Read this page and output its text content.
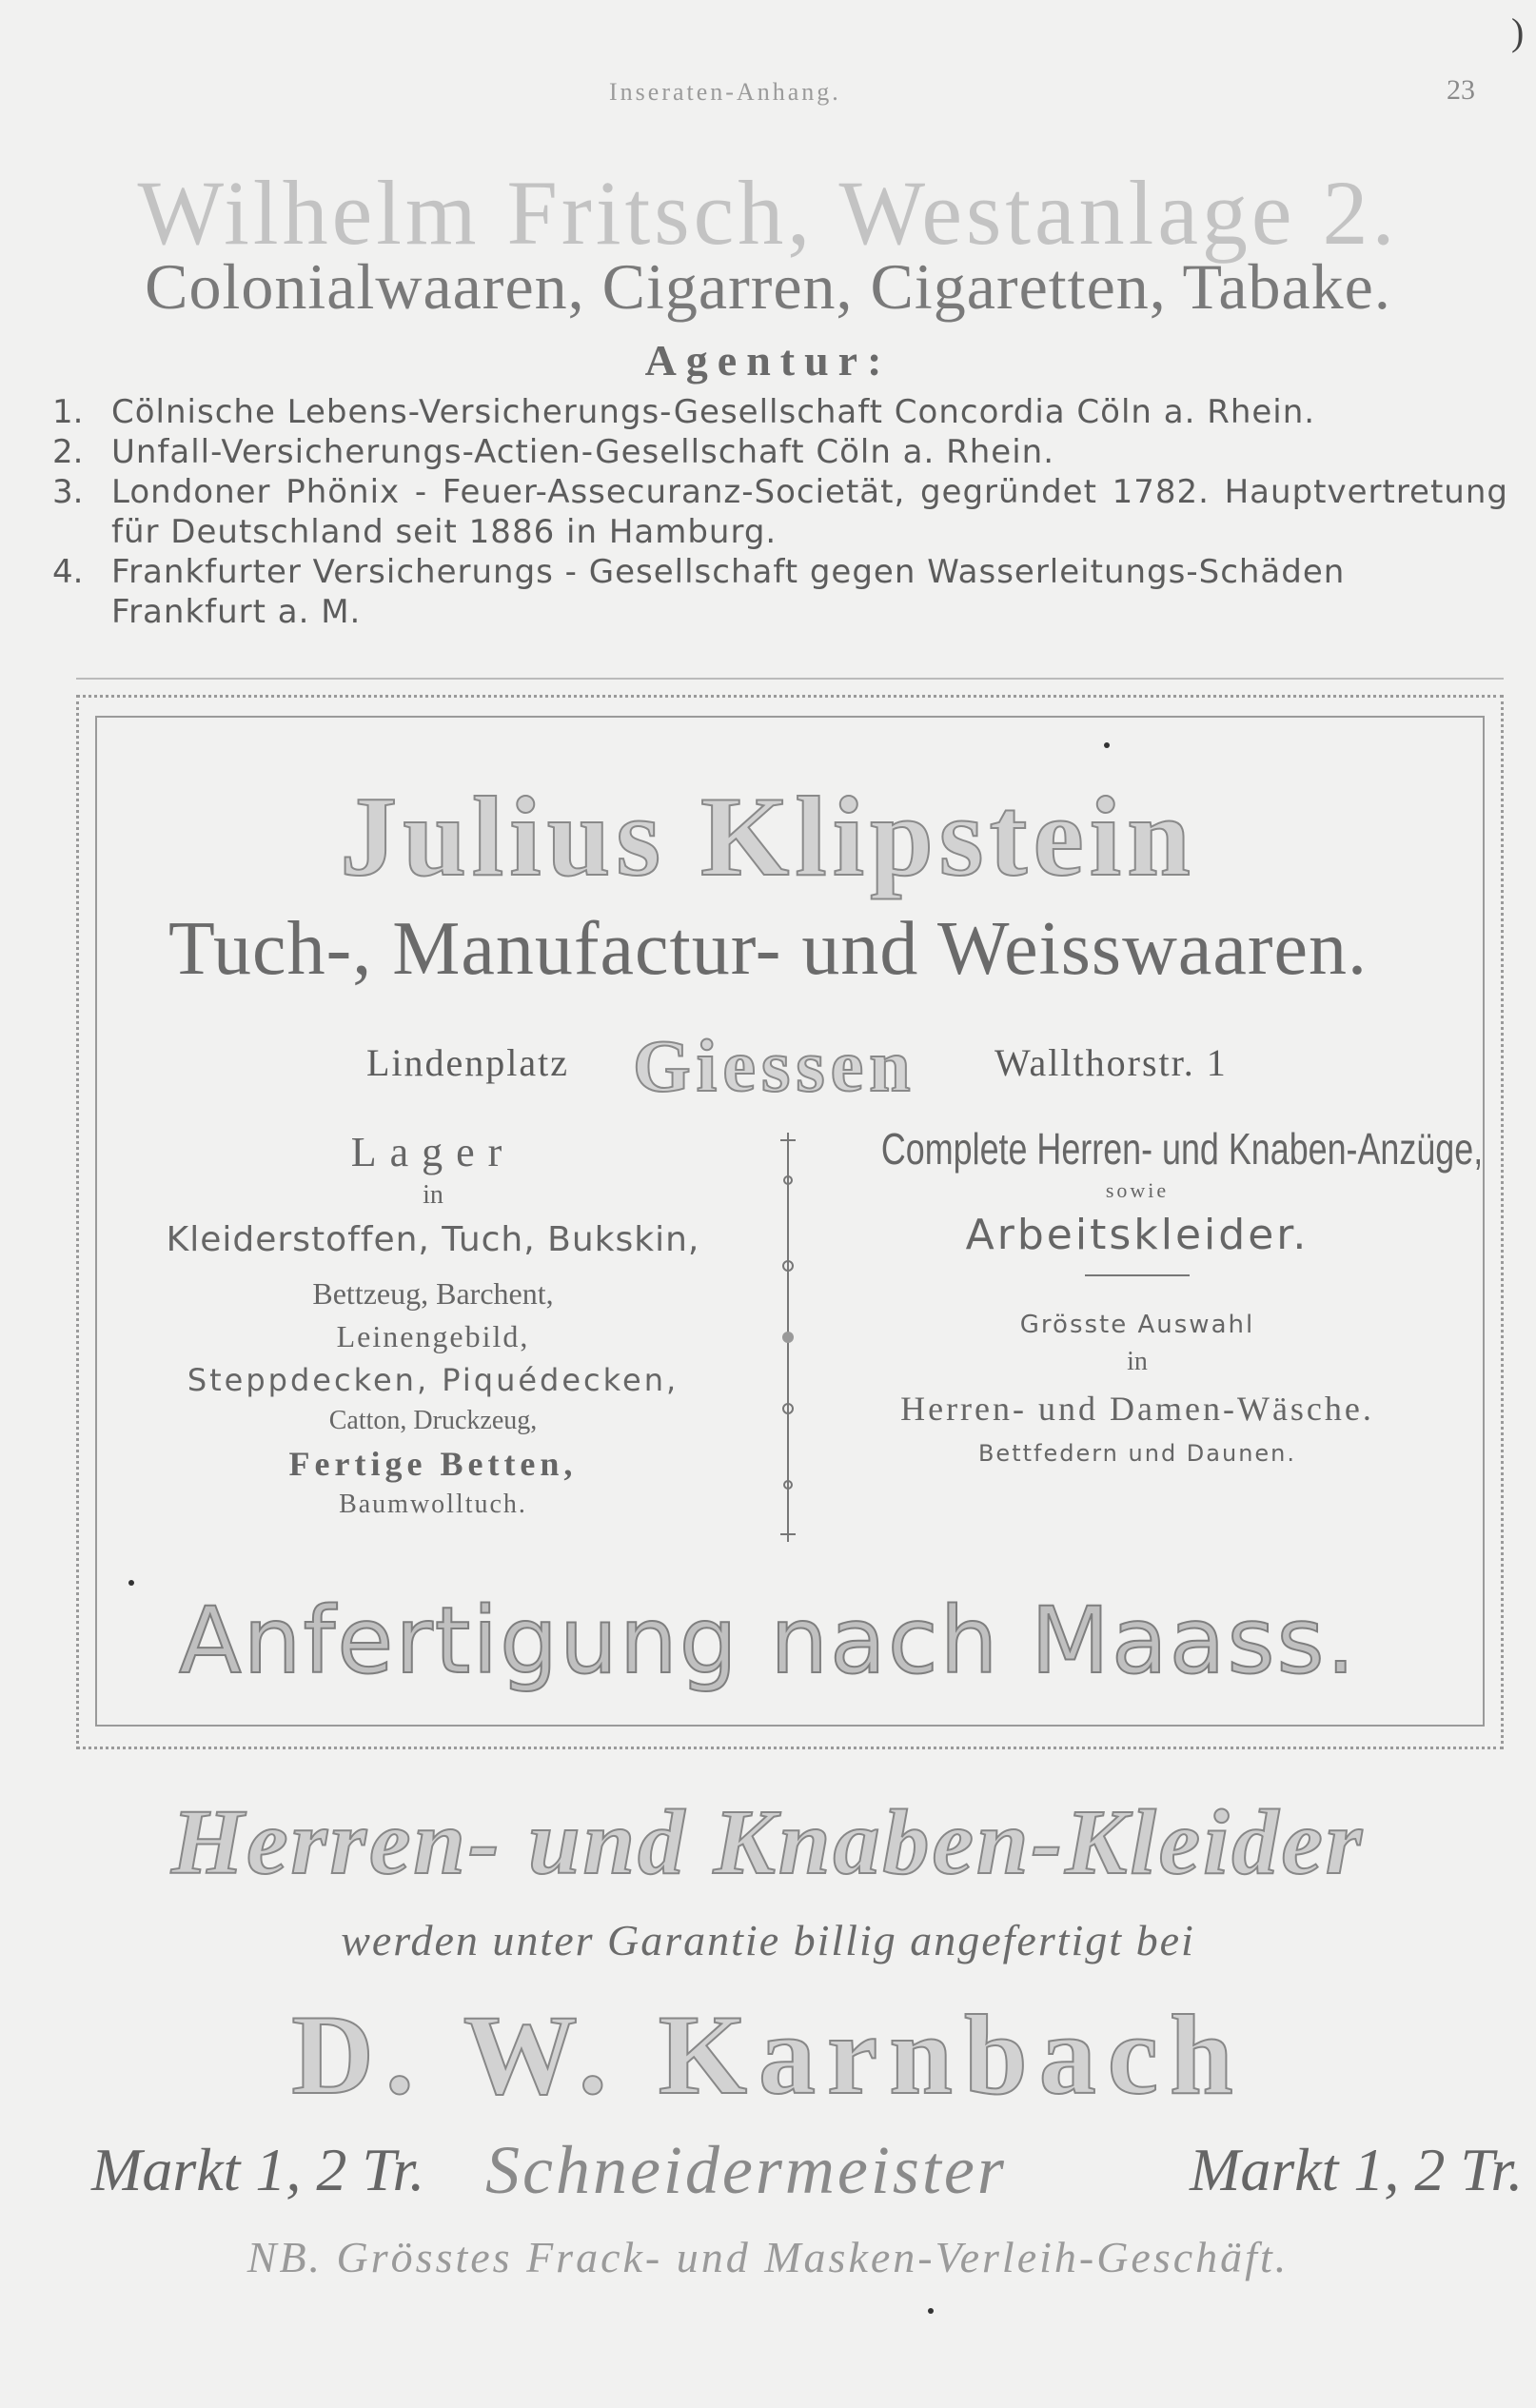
Inseraten-Anhang.	23
)
Wilhelm Fritsch, Westanlage 2.
Colonialwaaren, Cigarren, Cigaretten, Tabake.
Agentur:
1. Cölnische Lebens-Versicherungs-Gesellschaft Concordia Cöln a. Rhein.
2. Unfall-Versicherungs-Actien-Gesellschaft Cöln a. Rhein.
3. Londoner Phönix - Feuer-Assecuranz-Societät, gegründet 1782. Hauptvertretung für Deutschland seit 1886 in Hamburg.
4. Frankfurter Versicherungs - Gesellschaft gegen Wasserleitungs-Schäden Frankfurt a. M.
Julius Klipstein
Tuch-, Manufactur- und Weisswaaren.
Lindenplatz Giessen Wallthorstr. 1
Lager
in
Kleiderstoffen, Tuch, Bukskin,
Bettzeug, Barchent,
Leinengebild,
Steppdecken, Piquédecken,
Catton, Druckzeug,
Fertige Betten,
Baumwolltuch.
Complete Herren- und Knaben-Anzüge,
sowie
Arbeitskleider.
Grösste Auswahl
in
Herren- und Damen-Wäsche.
Bettfedern und Daunen.
Anfertigung nach Maass.
Herren- und Knaben-Kleider
werden unter Garantie billig angefertigt bei
D. W. Karnbach
Markt 1, 2 Tr. Schneidermeister	Markt 1, 2 Tr.
NB. Grösstes Frack- und Masken-Verleih-Geschäft.
